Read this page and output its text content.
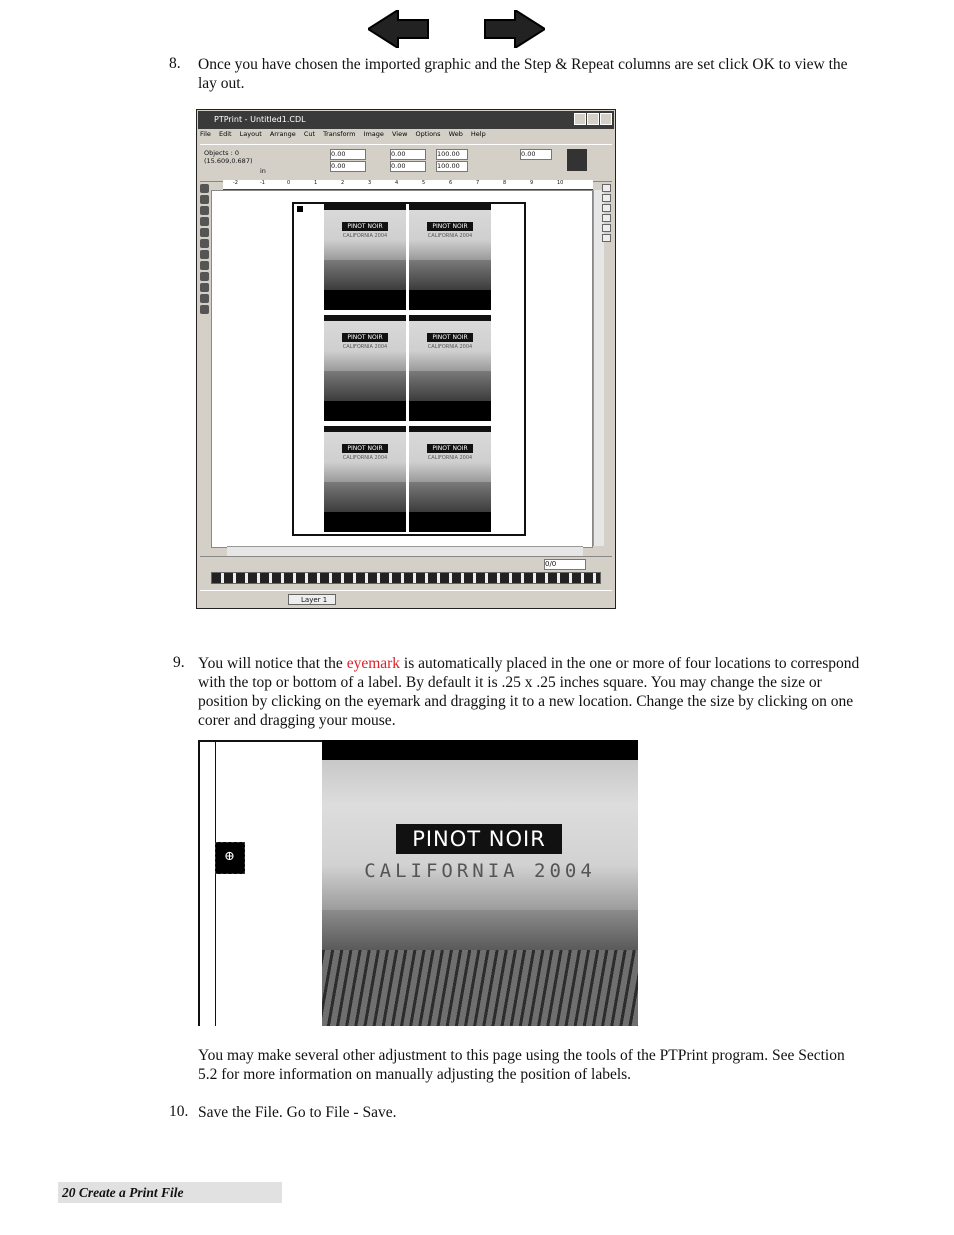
8. Once you have chosen the imported graphic and the Step & Repeat columns are set click OK to view the lay out.
PTPrint - Untitled1.CDL
File Edit Layout Arrange Cut Transform Image View Options Web Help
Objects : 0
(15.609,0.687)
in
0.00
0.00
0.00
0.00
100.00
100.00
0.00
-2	-1	0	1	2	3	4	5	6	7	8	9	10
PINOT NOIR
CALIFORNIA 2004
PINOT NOIR
CALIFORNIA 2004
PINOT NOIR
CALIFORNIA 2004
PINOT NOIR
CALIFORNIA 2004
PINOT NOIR
CALIFORNIA 2004
PINOT NOIR
CALIFORNIA 2004
0/0
Layer 1
9. You will notice that the eyemark is automatically placed in the one or more of four locations to correspond with the top or bottom of a label. By default it is .25 x .25 inches square. You may change the size or position by clicking on the eyemark and dragging it to a new location. Change the size by clicking on one corer and dragging your mouse.
⊕
PINOT NOIR
CALIFORNIA 2004
You may make several other adjustment to this page using the tools of the PTPrint program. See Section 5.2 for more information on manually adjusting the position of labels.
10. Save the File. Go to File - Save.
20 Create a Print File
